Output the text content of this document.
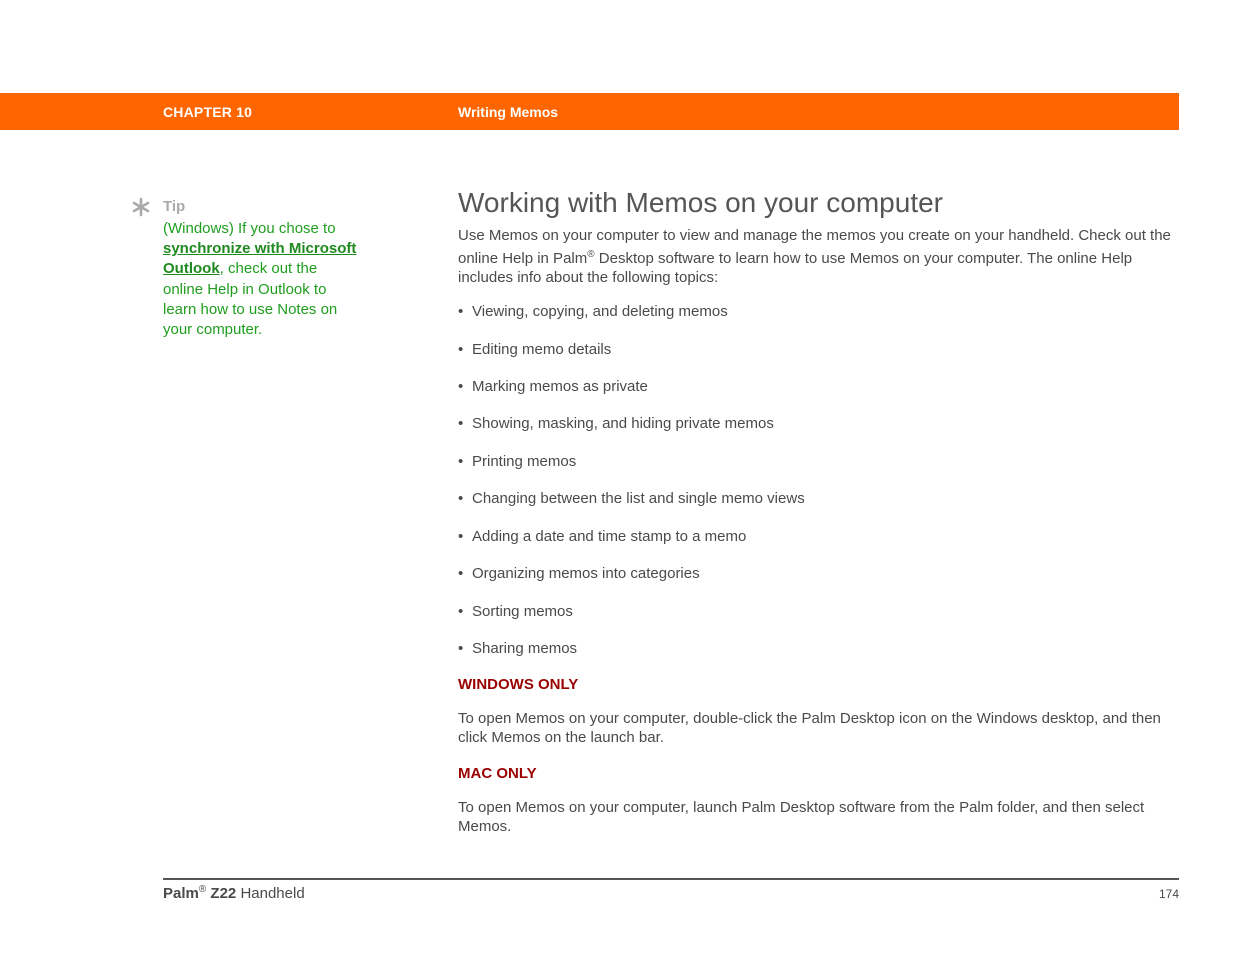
CHAPTER 10	Writing Memos
Tip
(Windows) If you chose to synchronize with Microsoft Outlook, check out the online Help in Outlook to learn how to use Notes on your computer.
Working with Memos on your computer

Use Memos on your computer to view and manage the memos you create on your handheld. Check out the online Help in Palm® Desktop software to learn how to use Memos on your computer. The online Help includes info about the following topics:

• Viewing, copying, and deleting memos
• Editing memo details
• Marking memos as private
• Showing, masking, and hiding private memos
• Printing memos
• Changing between the list and single memo views
• Adding a date and time stamp to a memo
• Organizing memos into categories
• Sorting memos
• Sharing memos
WINDOWS ONLY
To open Memos on your computer, double-click the Palm Desktop icon on the Windows desktop, and then click Memos on the launch bar.
MAC ONLY
To open Memos on your computer, launch Palm Desktop software from the Palm folder, and then select Memos.
Palm® Z22 Handheld	174
